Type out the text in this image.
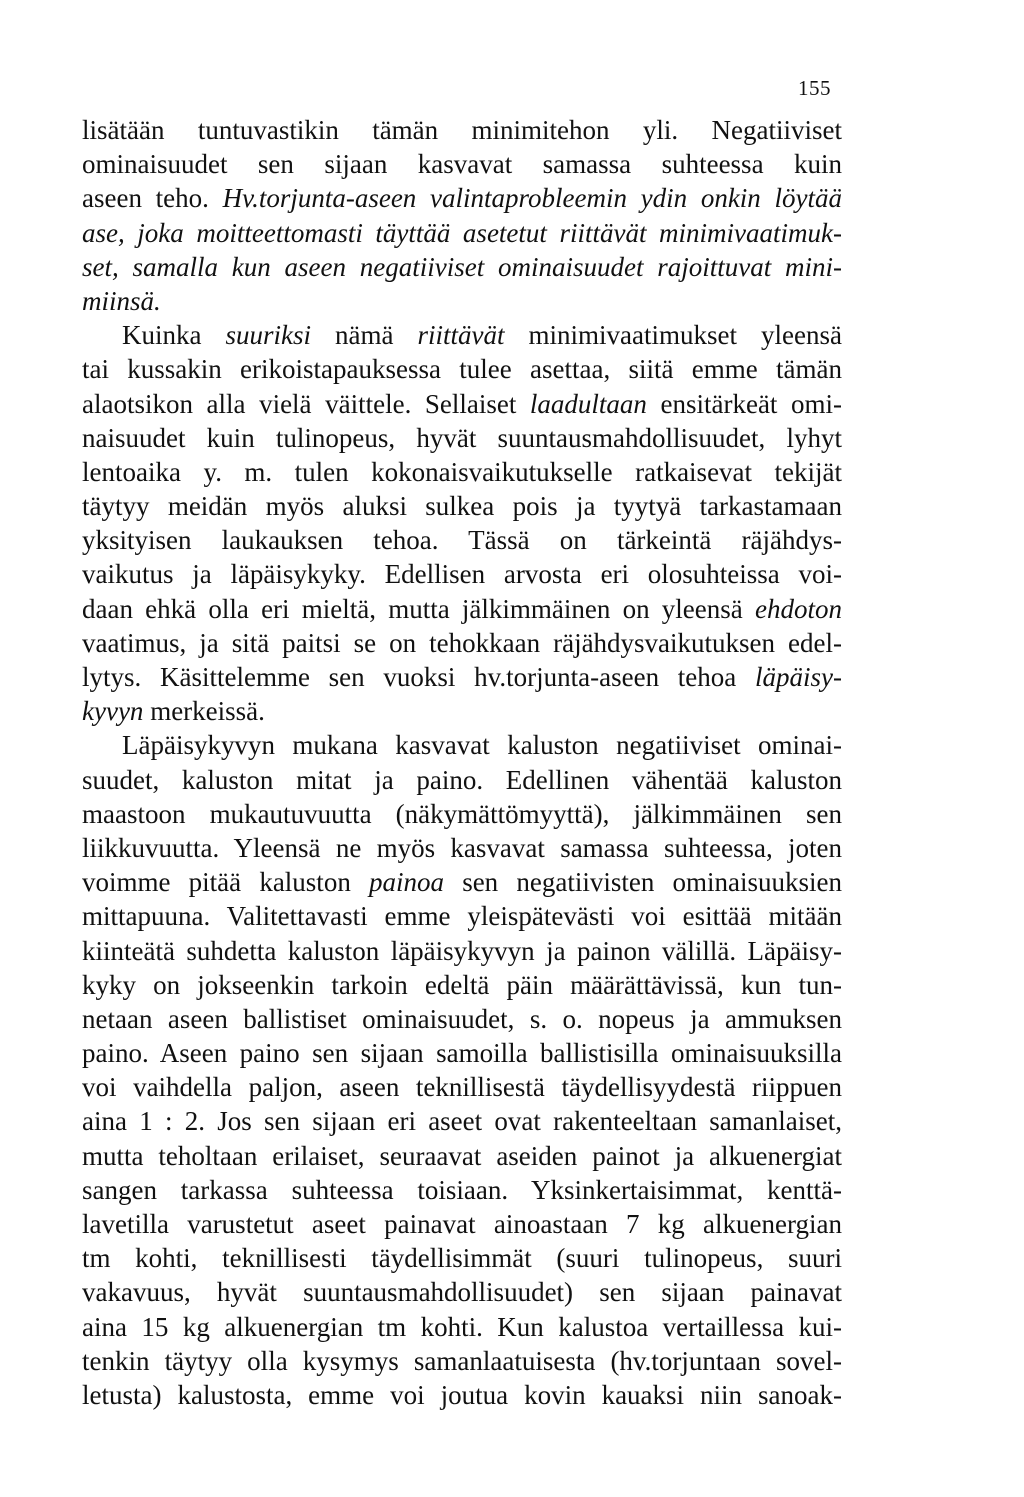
155
lisätään tuntuvastikin tämän minimitehon yli. Negatiiviset
ominaisuudet sen sijaan kasvavat samassa suhteessa kuin
aseen teho. Hv.torjunta-aseen valintaprobleemin ydin onkin löytää
ase, joka moitteettomasti täyttää asetetut riittävät minimivaatimuk-
set, samalla kun aseen negatiiviset ominaisuudet rajoittuvat mini-
miinsä.
Kuinka suuriksi nämä riittävät minimivaatimukset yleensä
tai kussakin erikoistapauksessa tulee asettaa, siitä emme tämän
alaotsikon alla vielä väittele. Sellaiset laadultaan ensitärkeät omi-
naisuudet kuin tulinopeus, hyvät suuntausmahdollisuudet, lyhyt
lentoaika y. m. tulen kokonaisvaikutukselle ratkaisevat tekijät
täytyy meidän myös aluksi sulkea pois ja tyytyä tarkastamaan
yksityisen laukauksen tehoa. Tässä on tärkeintä räjähdys-
vaikutus ja läpäisykyky. Edellisen arvosta eri olosuhteissa voi-
daan ehkä olla eri mieltä, mutta jälkimmäinen on yleensä ehdoton
vaatimus, ja sitä paitsi se on tehokkaan räjähdysvaikutuksen edel-
lytys. Käsittelemme sen vuoksi hv.torjunta-aseen tehoa läpäisy-
kyvyn merkeissä.
Läpäisykyvyn mukana kasvavat kaluston negatiiviset ominai-
suudet, kaluston mitat ja paino. Edellinen vähentää kaluston
maastoon mukautuvuutta (näkymättömyyttä), jälkimmäinen sen
liikkuvuutta. Yleensä ne myös kasvavat samassa suhteessa, joten
voimme pitää kaluston painoa sen negatiivisten ominaisuuksien
mittapuuna. Valitettavasti emme yleispätevästi voi esittää mitään
kiinteätä suhdetta kaluston läpäisykyvyn ja painon välillä. Läpäisy-
kyky on jokseenkin tarkoin edeltä päin määrättävissä, kun tun-
netaan aseen ballistiset ominaisuudet, s. o. nopeus ja ammuksen
paino. Aseen paino sen sijaan samoilla ballistisilla ominaisuuksilla
voi vaihdella paljon, aseen teknillisestä täydellisyydestä riippuen
aina 1 : 2. Jos sen sijaan eri aseet ovat rakenteeltaan samanlaiset,
mutta teholtaan erilaiset, seuraavat aseiden painot ja alkuenergiat
sangen tarkassa suhteessa toisiaan. Yksinkertaisimmat, kenttä-
lavetilla varustetut aseet painavat ainoastaan 7 kg alkuenergian
tm kohti, teknillisesti täydellisimmät (suuri tulinopeus, suuri
vakavuus, hyvät suuntausmahdollisuudet) sen sijaan painavat
aina 15 kg alkuenergian tm kohti. Kun kalustoa vertaillessa kui-
tenkin täytyy olla kysymys samanlaatuisesta (hv.torjuntaan sovel-
letusta) kalustosta, emme voi joutua kovin kauaksi niin sanoak-
